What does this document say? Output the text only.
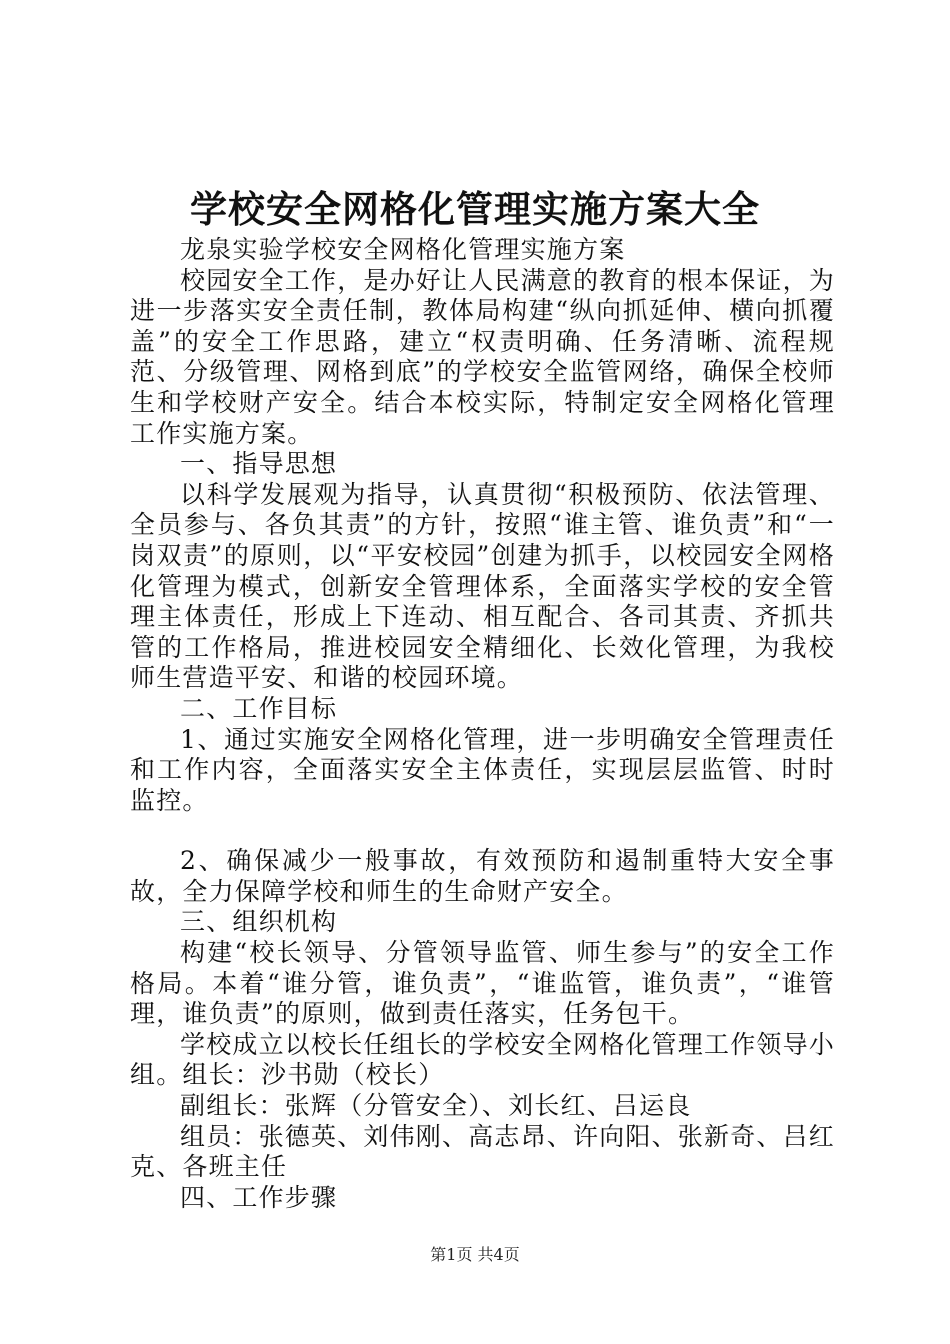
学校安全网格化管理实施方案大全

龙泉实验学校安全网格化管理实施方案

校园安全工作，是办好让人民满意的教育的根本保证，为进一步落实安全责任制，教体局构建“纵向抓延伸、横向抓覆盖”的安全工作思路，建立“权责明确、任务清晰、流程规范、分级管理、网格到底”的学校安全监管网络，确保全校师生和学校财产安全。结合本校实际，特制定安全网格化管理工作实施方案。

一、指导思想

以科学发展观为指导，认真贯彻“积极预防、依法管理、全员参与、各负其责”的方针，按照“谁主管、谁负责”和“一岗双责”的原则，以“平安校园”创建为抓手，以校园安全网格化管理为模式，创新安全管理体系，全面落实学校的安全管理主体责任，形成上下连动、相互配合、各司其责、齐抓共管的工作格局，推进校园安全精细化、长效化管理，为我校师生营造平安、和谐的校园环境。

二、工作目标

1、通过实施安全网格化管理，进一步明确安全管理责任和工作内容，全面落实安全主体责任，实现层层监管、时时监控。

2、确保减少一般事故，有效预防和遏制重特大安全事故，全力保障学校和师生的生命财产安全。

三、组织机构

构建“校长领导、分管领导监管、师生参与”的安全工作格局。本着“谁分管，谁负责”，“谁监管，谁负责”，“谁管理，谁负责”的原则，做到责任落实，任务包干。

学校成立以校长任组长的学校安全网格化管理工作领导小组。组长：沙书勋（校长）

副组长：张辉（分管安全）、刘长红、吕运良

组员：张德英、刘伟刚、高志昂、许向阳、张新奇、吕红克、各班主任

四、工作步骤

第1页 共4页
